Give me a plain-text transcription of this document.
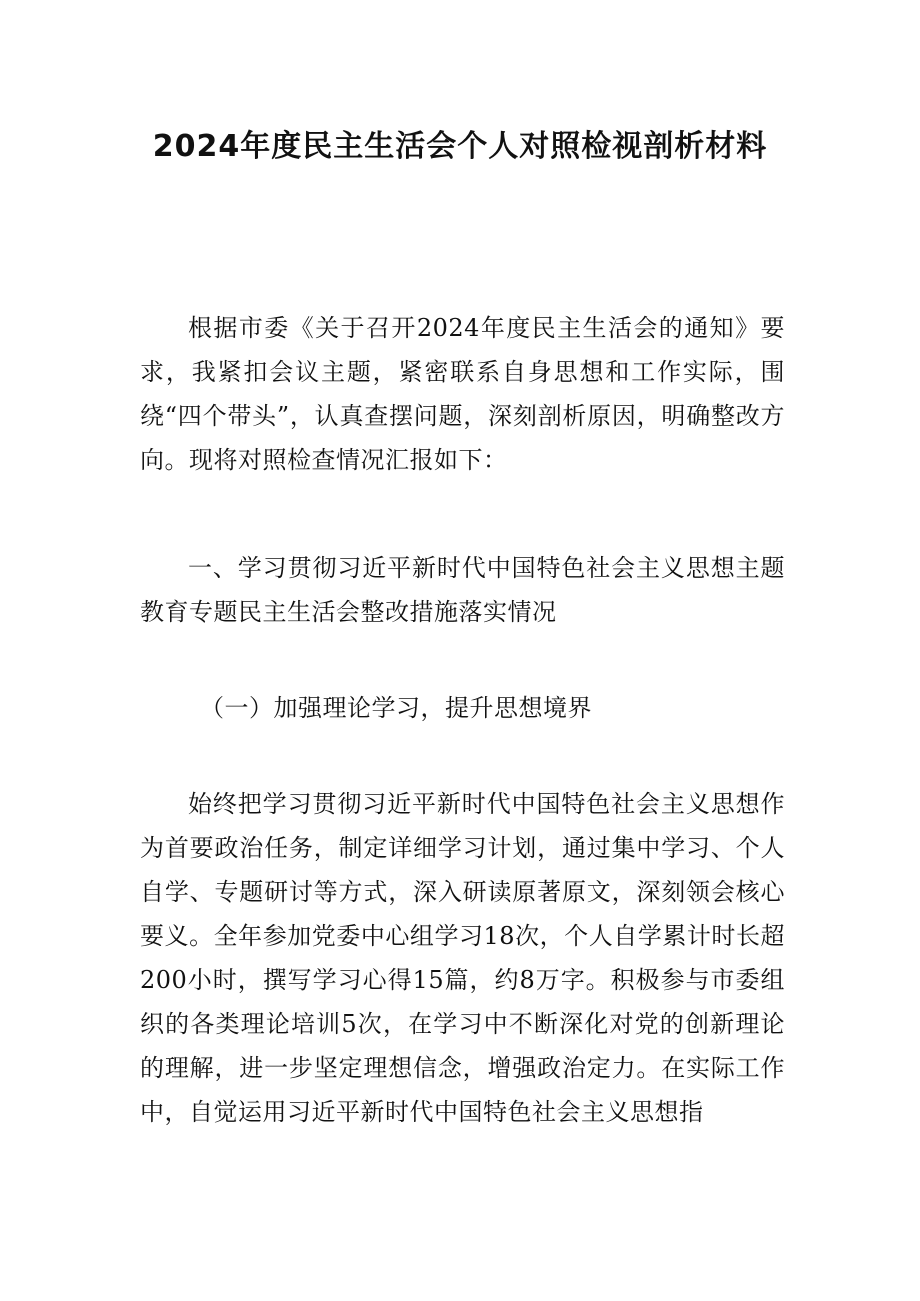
2024年度民主生活会个人对照检视剖析材料

根据市委《关于召开2024年度民主生活会的通知》要求，我紧扣会议主题，紧密联系自身思想和工作实际，围绕“四个带头”，认真查摆问题，深刻剖析原因，明确整改方向。现将对照检查情况汇报如下：

一、学习贯彻习近平新时代中国特色社会主义思想主题教育专题民主生活会整改措施落实情况

（一）加强理论学习，提升思想境界

始终把学习贯彻习近平新时代中国特色社会主义思想作为首要政治任务，制定详细学习计划，通过集中学习、个人自学、专题研讨等方式，深入研读原著原文，深刻领会核心要义。全年参加党委中心组学习18次，个人自学累计时长超200小时，撰写学习心得15篇，约8万字。积极参与市委组织的各类理论培训5次，在学习中不断深化对党的创新理论的理解，进一步坚定理想信念，增强政治定力。在实际工作中，自觉运用习近平新时代中国特色社会主义思想指
